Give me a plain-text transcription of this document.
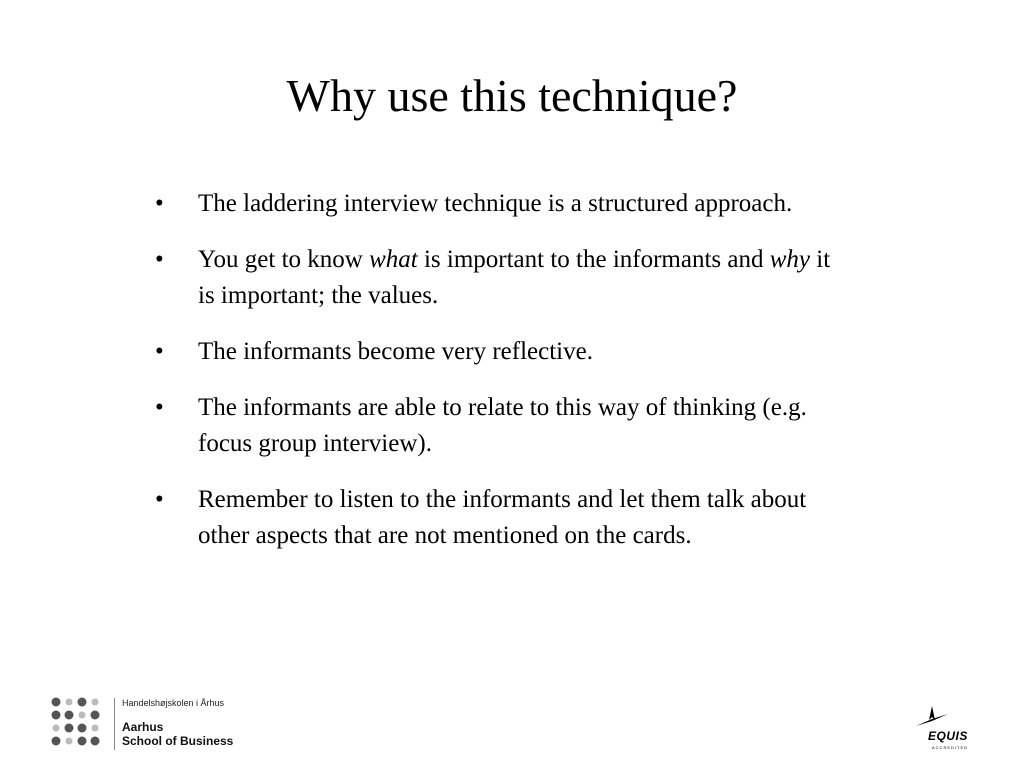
Why use this technique?
•	The laddering interview technique is a structured approach.
•	You get to know what is important to the informants and why it is important; the values.
•	The informants become very reflective.
•	The informants are able to relate to this way of thinking (e.g. focus group interview).
•	Remember to listen to the informants and let them talk about other aspects that are not mentioned on the cards.
Handelshøjskolen i Århus
Aarhus
School of Business	EQUIS
ACCREDITED
